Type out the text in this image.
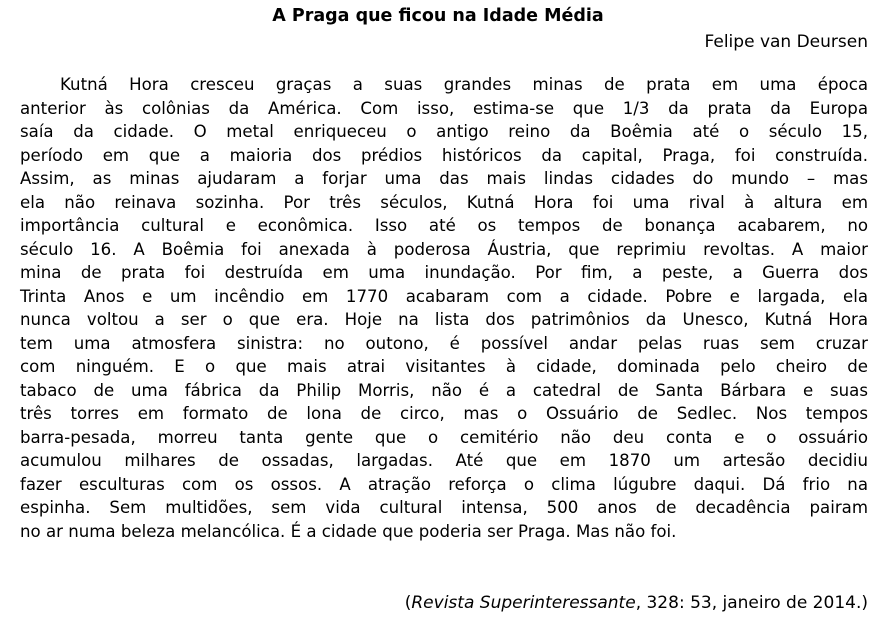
A Praga que ficou na Idade Média
Felipe van Deursen
Kutná Hora cresceu graças a suas grandes minas de prata em uma época
anterior às colônias da América. Com isso, estima-se que 1/3 da prata da Europa
saía da cidade. O metal enriqueceu o antigo reino da Boêmia até o século 15,
período em que a maioria dos prédios históricos da capital, Praga, foi construída.
Assim, as minas ajudaram a forjar uma das mais lindas cidades do mundo – mas
ela não reinava sozinha. Por três séculos, Kutná Hora foi uma rival à altura em
importância cultural e econômica. Isso até os tempos de bonança acabarem, no
século 16. A Boêmia foi anexada à poderosa Áustria, que reprimiu revoltas. A maior
mina de prata foi destruída em uma inundação. Por fim, a peste, a Guerra dos
Trinta Anos e um incêndio em 1770 acabaram com a cidade. Pobre e largada, ela
nunca voltou a ser o que era. Hoje na lista dos patrimônios da Unesco, Kutná Hora
tem uma atmosfera sinistra: no outono, é possível andar pelas ruas sem cruzar
com ninguém. E o que mais atrai visitantes à cidade, dominada pelo cheiro de
tabaco de uma fábrica da Philip Morris, não é a catedral de Santa Bárbara e suas
três torres em formato de lona de circo, mas o Ossuário de Sedlec. Nos tempos
barra-pesada, morreu tanta gente que o cemitério não deu conta e o ossuário
acumulou milhares de ossadas, largadas. Até que em 1870 um artesão decidiu
fazer esculturas com os ossos. A atração reforça o clima lúgubre daqui. Dá frio na
espinha. Sem multidões, sem vida cultural intensa, 500 anos de decadência pairam
no ar numa beleza melancólica. É a cidade que poderia ser Praga. Mas não foi.
(Revista Superinteressante, 328: 53, janeiro de 2014.)
